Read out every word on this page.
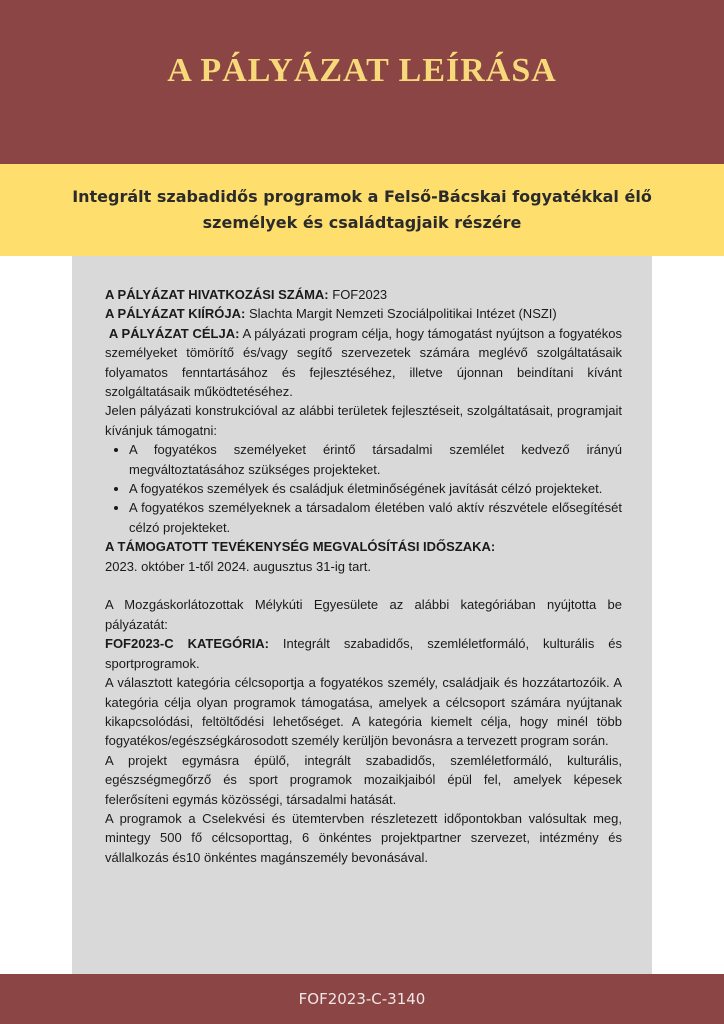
A PÁLYÁZAT LEÍRÁSA

Integrált szabadidős programok a Felső-Bácskai fogyatékkal élő személyek és családtagjaik részére

A PÁLYÁZAT HIVATKOZÁSI SZÁMA: FOF2023

A PÁLYÁZAT KIÍRÓJA: Slachta Margit Nemzeti Szociálpolitikai Intézet (NSZI)

A PÁLYÁZAT CÉLJA: A pályázati program célja, hogy támogatást nyújtson a fogyatékos személyeket tömörítő és/vagy segítő szervezetek számára meglévő szolgáltatásaik folyamatos fenntartásához és fejlesztéséhez, illetve újonnan beindítani kívánt szolgáltatásaik működtetéséhez.

Jelen pályázati konstrukcióval az alábbi területek fejlesztéseit, szolgáltatásait, programjait kívánjuk támogatni:

• A fogyatékos személyeket érintő társadalmi szemlélet kedvező irányú megváltoztatásához szükséges projekteket.
• A fogyatékos személyek és családjuk életminőségének javítását célzó projekteket.
• A fogyatékos személyeknek a társadalom életében való aktív részvétele elősegítését célzó projekteket.

A TÁMOGATOTT TEVÉKENYSÉG MEGVALÓSÍTÁSI IDŐSZAKA:

2023. október 1-től 2024. augusztus 31-ig tart.

A Mozgáskorlátozottak Mélykúti Egyesülete az alábbi kategóriában nyújtotta be pályázatát:

FOF2023-C KATEGÓRIA: Integrált szabadidős, szemléletformáló, kulturális és sportprogramok.

A választott kategória célcsoportja a fogyatékos személy, családjaik és hozzátartozóik. A kategória célja olyan programok támogatása, amelyek a célcsoport számára nyújtanak kikapcsolódási, feltöltődési lehetőséget. A kategória kiemelt célja, hogy minél több fogyatékos/egészségkárosodott személy kerüljön bevonásra a tervezett program során.

A projekt egymásra épülő, integrált szabadidős, szemléletformáló, kulturális, egészségmegőrző és sport programok mozaikjaiból épül fel, amelyek képesek felerősíteni egymás közösségi, társadalmi hatását.

A programok a Cselekvési és ütemtervben részletezett időpontokban valósultak meg, mintegy 500 fő célcsoporttag, 6 önkéntes projektpartner szervezet, intézmény és vállalkozás és10 önkéntes magánszemély bevonásával.

FOF2023-C-3140
